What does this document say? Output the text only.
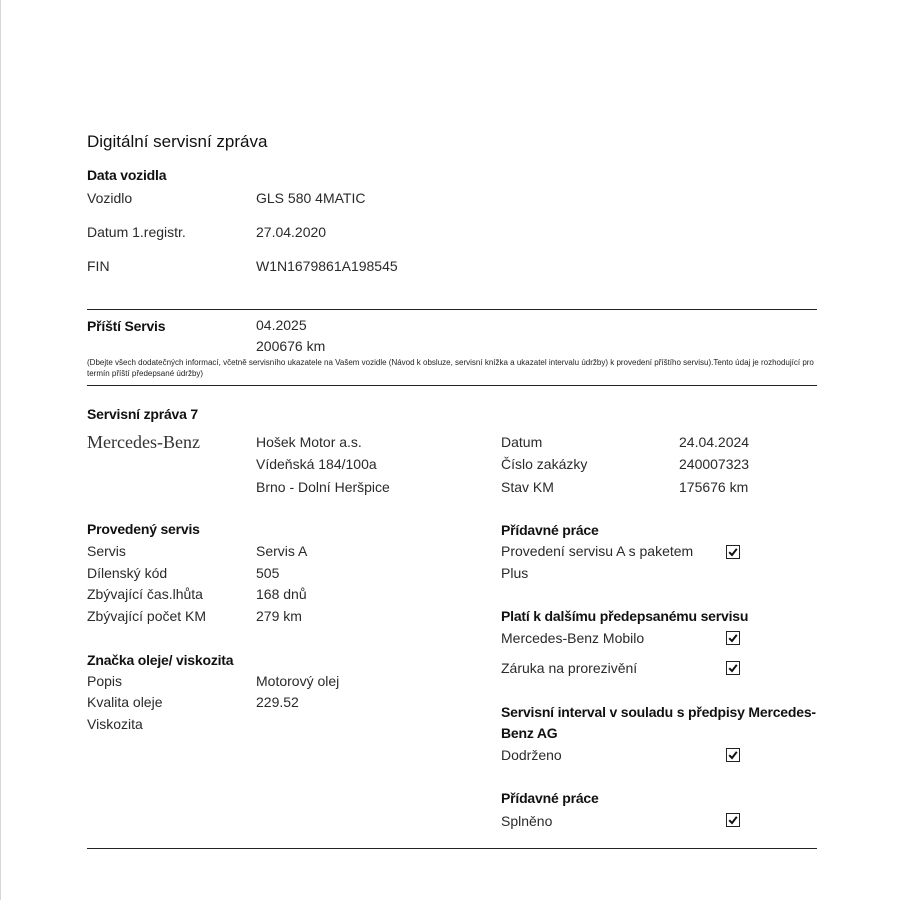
Digitální servisní zpráva
Data vozidla
Vozidlo	GLS 580 4MATIC
Datum 1.registr.	27.04.2020
FIN	W1N1679861A198545
Příští Servis	04.2025
200676 km
(Dbejte všech dodatečných informací, včetně servisního ukazatele na Vašem vozidle (Návod k obsluze, servisní knížka a ukazatel intervalu údržby) k provedení příštího servisu).Tento údaj je rozhodující pro termín příští předepsané údržby)
Servisní zpráva 7
Mercedes-Benz	Hošek Motor a.s.
Vídeňská 184/100a
Brno - Dolní Heršpice
Datum	24.04.2024
Číslo zakázky	240007323
Stav KM	175676 km
Provedený servis
Servis	Servis A
Dílenský kód	505
Zbývající čas.lhůta	168 dnů
Zbývající počet KM	279 km
Značka oleje/ viskozita
Popis	Motorový olej
Kvalita oleje	229.52
Viskozita
Přídavné práce
Provedení servisu A s paketem
Plus
Platí k dalšímu předepsanému servisu
Mercedes-Benz Mobilo
Záruka na prorezivění
Servisní interval v souladu s předpisy Mercedes-
Benz AG
Dodrženo
Přídavné práce
Splněno
